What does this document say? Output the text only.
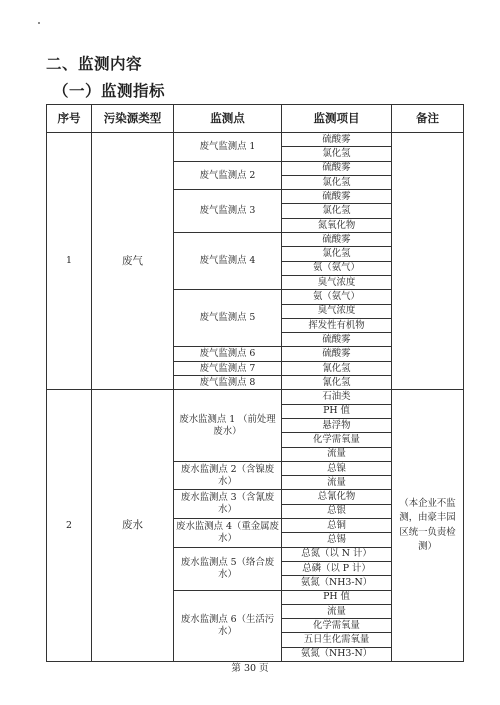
二、监测内容
（一）监测指标
序号	污染源类型	监测点	监测项目	备注
1	废气	废气监测点 1	硫酸雾	
			氯化氢	
		废气监测点 2	硫酸雾	
			氯化氢	
		废气监测点 3	硫酸雾	
			氯化氢	
			氮氧化物	
		废气监测点 4	硫酸雾	
			氯化氢	
			氨（氨气）	
			臭气浓度	
		废气监测点 5	氨（氨气）	
			臭气浓度	
			挥发性有机物	
			硫酸雾	
		废气监测点 6	硫酸雾	
		废气监测点 7	氰化氢	
		废气监测点 8	氰化氢	
2	废水	废水监测点 1 （前处理废水）	石油类	（本企业不监测，由豪丰园区统一负责检测）
			PH 值	
			悬浮物	
			化学需氧量	
			流量	
		废水监测点 2（含镍废水）	总镍	
			流量	
		废水监测点 3（含氰废水）	总氰化物	
			总银	
		废水监测点 4（重金属废水）	总铜	
			总锡	
		废水监测点 5（络合废水）	总氮（以 N 计）	
			总磷（以 P 计）	
			氨氮（NH3-N）	
		废水监测点 6（生活污水）	PH 值	
			流量	
			化学需氧量	
			五日生化需氧量	
			氨氮（NH3-N）	
第 30 页
